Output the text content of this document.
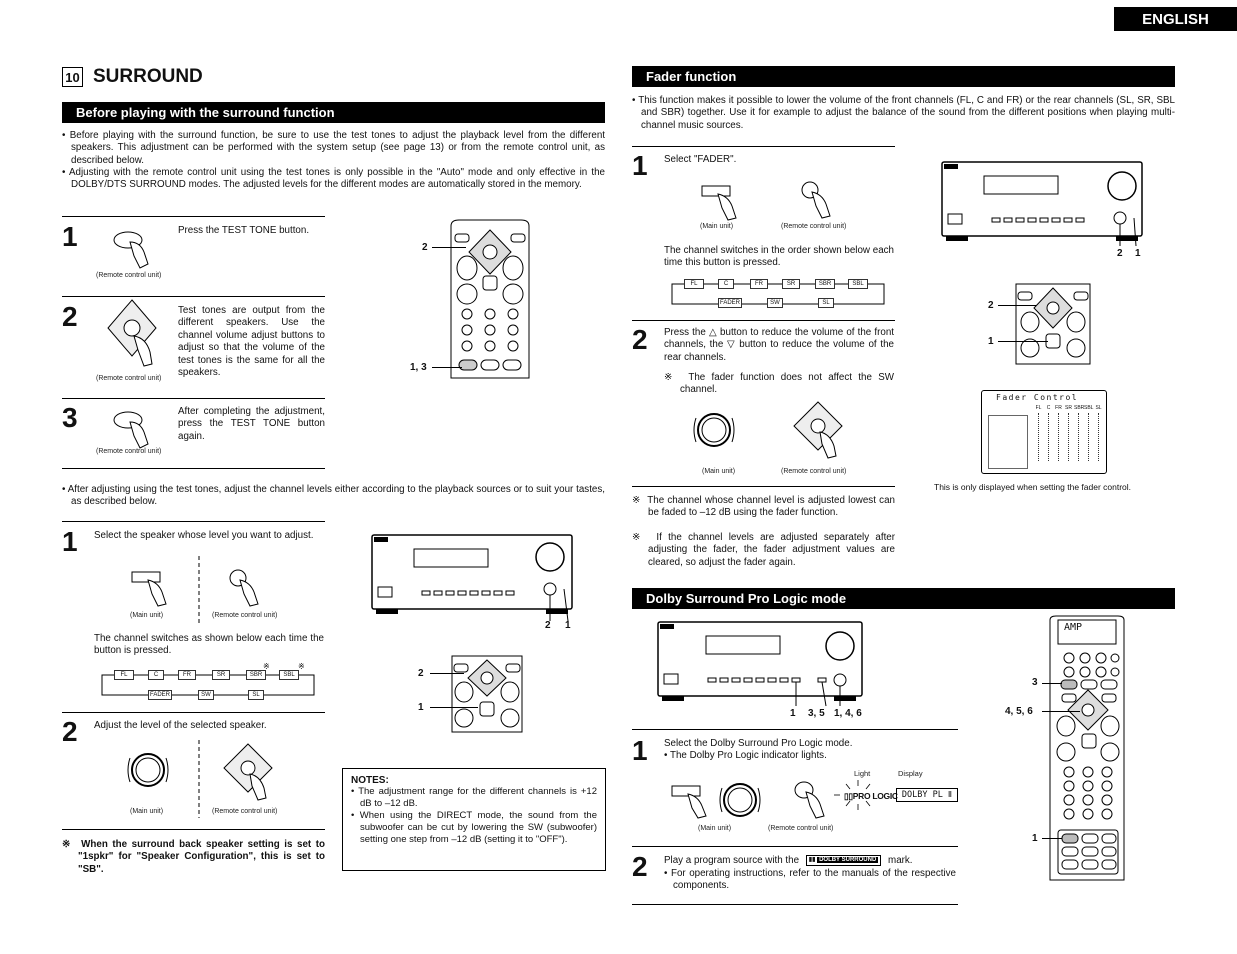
ENGLISH
10 SURROUND
Before playing with the surround function
• Before playing with the surround function, be sure to use the test tones to adjust the playback level from the different speakers. This adjustment can be performed with the system setup (see page 13) or from the remote control unit, as described below.
• Adjusting with the remote control unit using the test tones is only possible in the "Auto" mode and only effective in the DOLBY/DTS SURROUND modes. The adjusted levels for the different modes are automatically stored in the memory.
1
(Remote control unit)
Press the TEST TONE button.
2
(Remote control unit)
Test tones are output from the different speakers. Use the channel volume adjust buttons to adjust so that the volume of the test tones is the same for all the speakers.
3
(Remote control unit)
After completing the adjustment, press the TEST TONE button again.
2
1, 3
• After adjusting using the test tones, adjust the channel levels either according to the playback sources or to suit your tastes, as described below.
1 Select the speaker whose level you want to adjust.
(Main unit)	(Remote control unit)
The channel switches as shown below each time the button is pressed.
FL	C	FR	SR	SBR	SBL
※	※
FADER	SW	SL
2 Adjust the level of the selected speaker.
(Main unit)	(Remote control unit)
※ When the surround back speaker setting is set to "1spkr" for "Speaker Configuration", this is set to "SB".
2 1
2
1
NOTES:

• The adjustment range for the different channels is +12 dB to –12 dB.

• When using the DIRECT mode, the sound from the subwoofer can be cut by lowering the SW (subwoofer) setting one step from –12 dB (setting it to "OFF").

Fader function
• This function makes it possible to lower the volume of the front channels (FL, C and FR) or the rear channels (SL, SR, SBL and SBR) together. Use it for example to adjust the balance of the sound from the different positions when playing multi-channel music sources.
1 Select "FADER".
(Main unit)	(Remote control unit)
The channel switches in the order shown below each time this button is pressed.
FL	C	FR	SR	SBR	SBL
FADER	SW	SL
2 Press the △ button to reduce the volume of the front channels, the ▽ button to reduce the volume of the rear channels.
※ The fader function does not affect the SW channel.
(Main unit)	(Remote control unit)
※ The channel whose channel level is adjusted lowest can be faded to –12 dB using the fader function.
※ If the channel levels are adjusted separately after adjusting the fader, the fader adjustment values are cleared, so adjust the fader again.
2 1
2
1
Fader Control
FL	C FR SR SBR SBL SL
This is only displayed when setting the fader control.
Dolby Surround Pro Logic mode
1 3, 5 1, 4, 6
AMP
3
4, 5, 6
1
1 Select the Dolby Surround Pro Logic mode.
• The Dolby Pro Logic indicator lights.
Light	Display
▯▯PRO LOGIC DOLBY PL Ⅱ
(Main unit)	(Remote control unit)
2 Play a program source with the ▮▮ DOLBY SURROUND mark.
• For operating instructions, refer to the manuals of the respective components.
